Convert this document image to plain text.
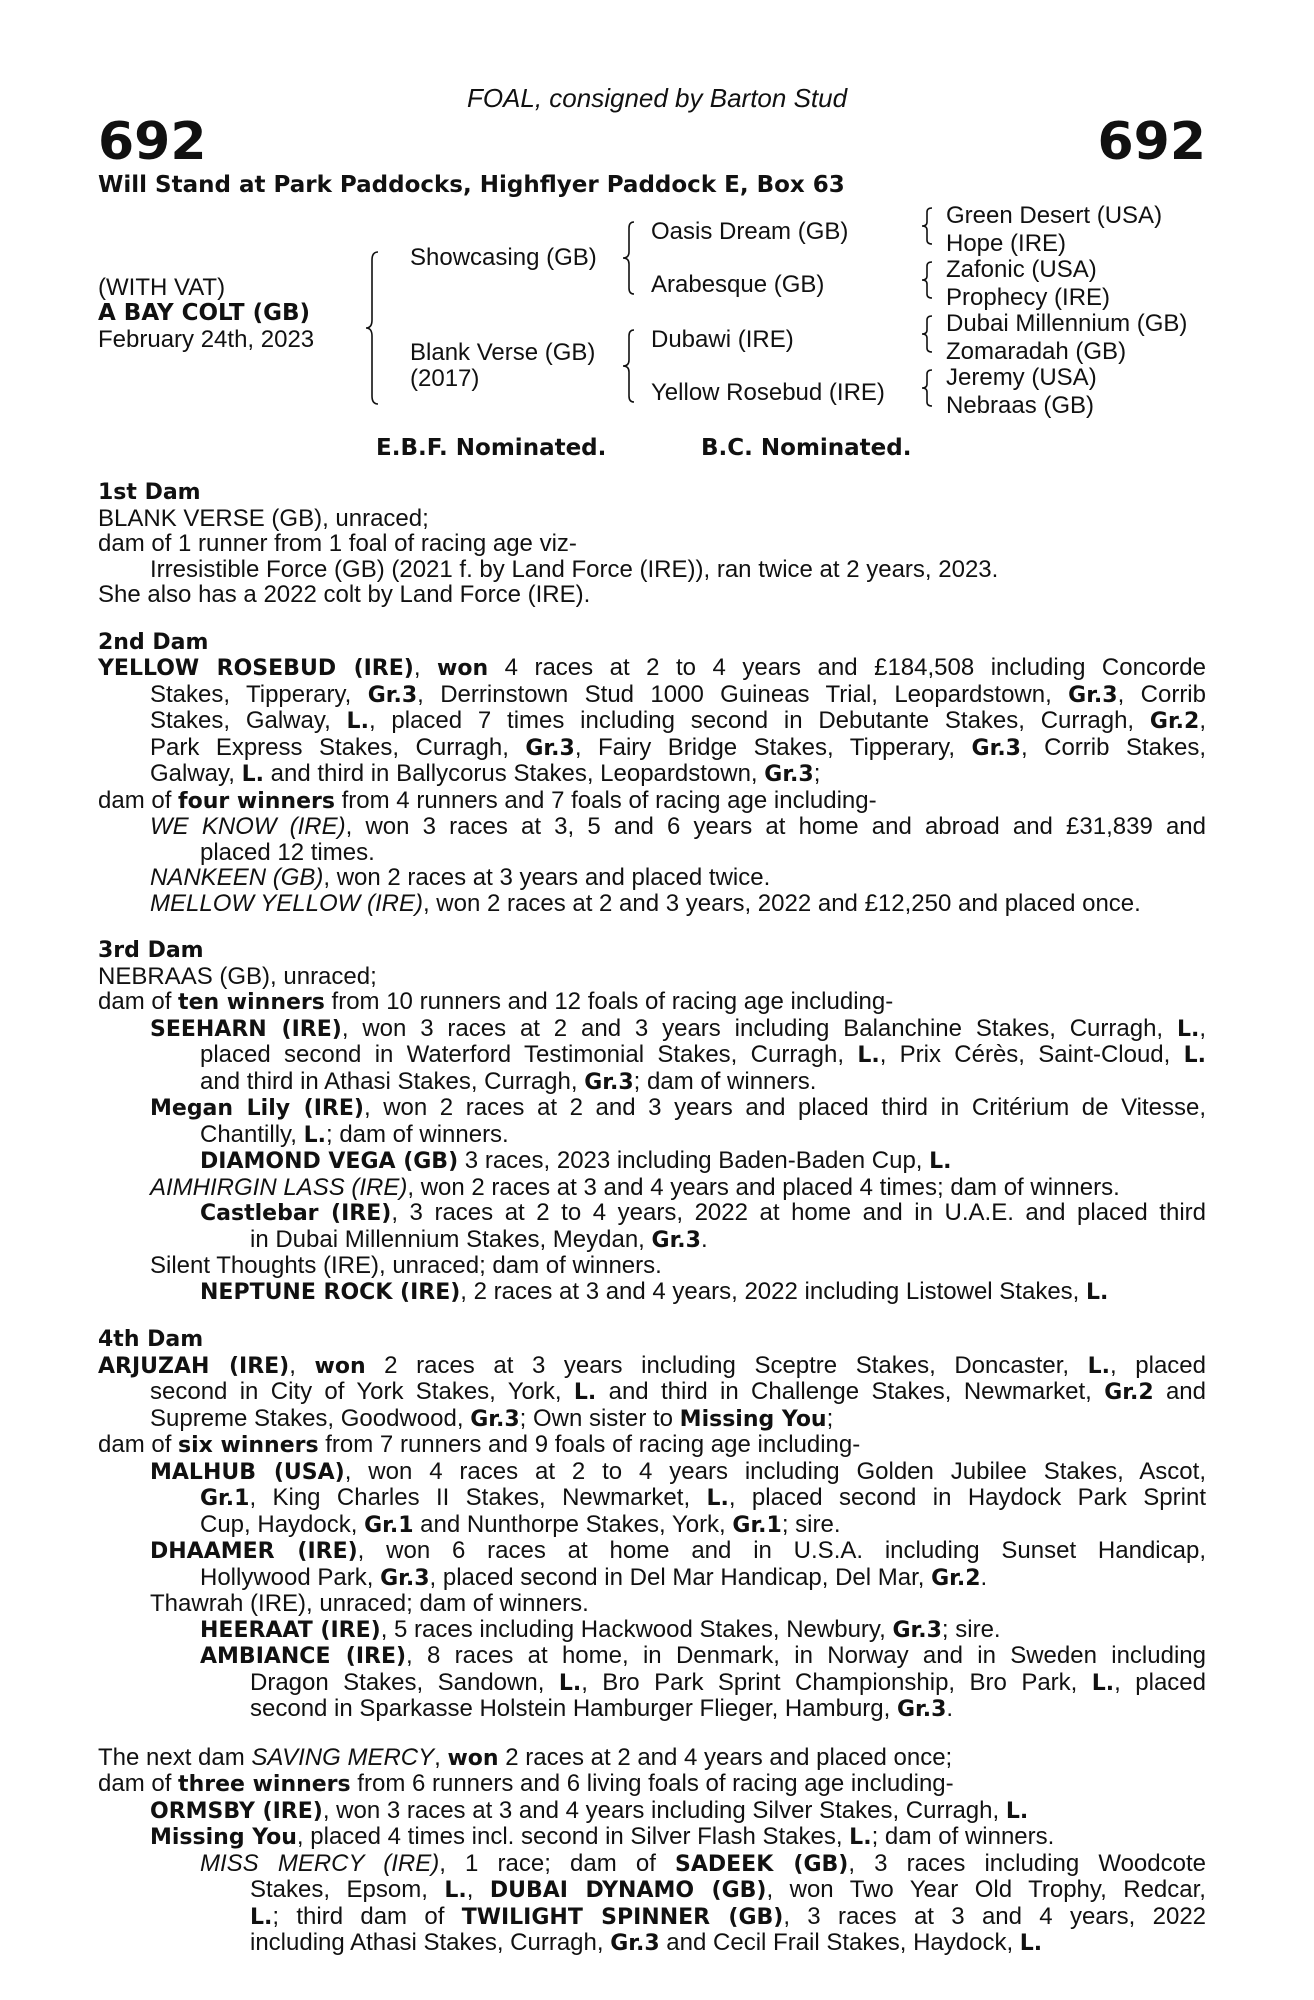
FOAL, consigned by Barton Stud
692	692
Will Stand at Park Paddocks, Highflyer Paddock E, Box 63
(WITH VAT)
A BAY COLT (GB)
February 24th, 2023
Showcasing (GB)
Blank Verse (GB)
(2017)
Oasis Dream (GB)
Arabesque (GB)
Dubawi (IRE)
Yellow Rosebud (IRE)
Green Desert (USA)
Hope (IRE)
Zafonic (USA)
Prophecy (IRE)
Dubai Millennium (GB)
Zomaradah (GB)
Jeremy (USA)
Nebraas (GB)
E.B.F. Nominated.	B.C. Nominated.
1st Dam
BLANK VERSE (GB), unraced;
dam of 1 runner from 1 foal of racing age viz-
Irresistible Force (GB) (2021 f. by Land Force (IRE)), ran twice at 2 years, 2023.
She also has a 2022 colt by Land Force (IRE).
2nd Dam
YELLOW ROSEBUD (IRE), won 4 races at 2 to 4 years and £184,508 including Concorde
Stakes, Tipperary, Gr.3, Derrinstown Stud 1000 Guineas Trial, Leopardstown, Gr.3, Corrib
Stakes, Galway, L., placed 7 times including second in Debutante Stakes, Curragh, Gr.2,
Park Express Stakes, Curragh, Gr.3, Fairy Bridge Stakes, Tipperary, Gr.3, Corrib Stakes,
Galway, L. and third in Ballycorus Stakes, Leopardstown, Gr.3;
dam of four winners from 4 runners and 7 foals of racing age including-
WE KNOW (IRE), won 3 races at 3, 5 and 6 years at home and abroad and £31,839 and
placed 12 times.
NANKEEN (GB), won 2 races at 3 years and placed twice.
MELLOW YELLOW (IRE), won 2 races at 2 and 3 years, 2022 and £12,250 and placed once.
3rd Dam
NEBRAAS (GB), unraced;
dam of ten winners from 10 runners and 12 foals of racing age including-
SEEHARN (IRE), won 3 races at 2 and 3 years including Balanchine Stakes, Curragh, L.,
placed second in Waterford Testimonial Stakes, Curragh, L., Prix Cérès, Saint-Cloud, L.
and third in Athasi Stakes, Curragh, Gr.3; dam of winners.
Megan Lily (IRE), won 2 races at 2 and 3 years and placed third in Critérium de Vitesse,
Chantilly, L.; dam of winners.
DIAMOND VEGA (GB) 3 races, 2023 including Baden-Baden Cup, L.
AIMHIRGIN LASS (IRE), won 2 races at 3 and 4 years and placed 4 times; dam of winners.
Castlebar (IRE), 3 races at 2 to 4 years, 2022 at home and in U.A.E. and placed third
in Dubai Millennium Stakes, Meydan, Gr.3.
Silent Thoughts (IRE), unraced; dam of winners.
NEPTUNE ROCK (IRE), 2 races at 3 and 4 years, 2022 including Listowel Stakes, L.
4th Dam
ARJUZAH (IRE), won 2 races at 3 years including Sceptre Stakes, Doncaster, L., placed
second in City of York Stakes, York, L. and third in Challenge Stakes, Newmarket, Gr.2 and
Supreme Stakes, Goodwood, Gr.3; Own sister to Missing You;
dam of six winners from 7 runners and 9 foals of racing age including-
MALHUB (USA), won 4 races at 2 to 4 years including Golden Jubilee Stakes, Ascot,
Gr.1, King Charles II Stakes, Newmarket, L., placed second in Haydock Park Sprint
Cup, Haydock, Gr.1 and Nunthorpe Stakes, York, Gr.1; sire.
DHAAMER (IRE), won 6 races at home and in U.S.A. including Sunset Handicap,
Hollywood Park, Gr.3, placed second in Del Mar Handicap, Del Mar, Gr.2.
Thawrah (IRE), unraced; dam of winners.
HEERAAT (IRE), 5 races including Hackwood Stakes, Newbury, Gr.3; sire.
AMBIANCE (IRE), 8 races at home, in Denmark, in Norway and in Sweden including
Dragon Stakes, Sandown, L., Bro Park Sprint Championship, Bro Park, L., placed
second in Sparkasse Holstein Hamburger Flieger, Hamburg, Gr.3.
The next dam SAVING MERCY, won 2 races at 2 and 4 years and placed once;
dam of three winners from 6 runners and 6 living foals of racing age including-
ORMSBY (IRE), won 3 races at 3 and 4 years including Silver Stakes, Curragh, L.
Missing You, placed 4 times incl. second in Silver Flash Stakes, L.; dam of winners.
MISS MERCY (IRE), 1 race; dam of SADEEK (GB), 3 races including Woodcote
Stakes, Epsom, L., DUBAI DYNAMO (GB), won Two Year Old Trophy, Redcar,
L.; third dam of TWILIGHT SPINNER (GB), 3 races at 3 and 4 years, 2022
including Athasi Stakes, Curragh, Gr.3 and Cecil Frail Stakes, Haydock, L.
